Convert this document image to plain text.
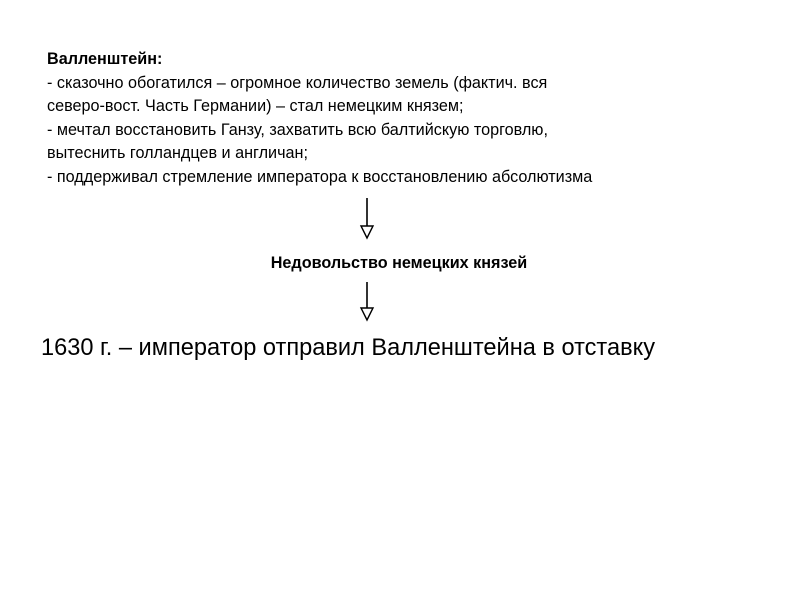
Валленштейн:
- сказочно обогатился – огромное количество земель (фактич. вся
северо-вост. Часть Германии) – стал немецким князем;
- мечтал восстановить Ганзу, захватить всю балтийскую торговлю,
вытеснить голландцев и англичан;
- поддерживал стремление императора к восстановлению абсолютизма
Недовольство немецких князей
1630 г. – император отправил Валленштейна в отставку
